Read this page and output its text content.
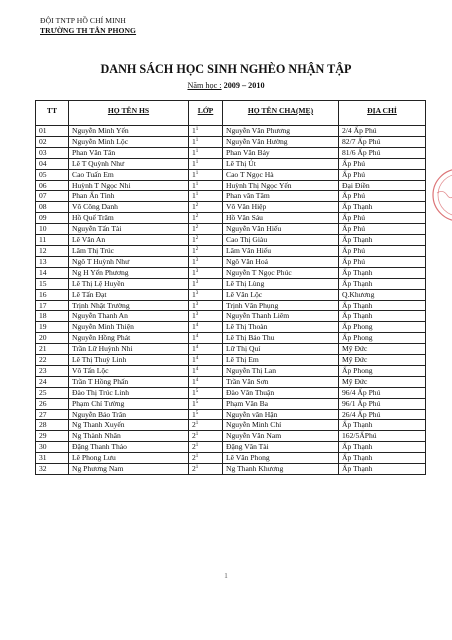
ĐỘI TNTP HỒ CHÍ MINH
TRƯỜNG TH TÂN PHONG
DANH SÁCH HỌC SINH NGHÈO NHẬN TẬP
Năm học : 2009 – 2010
TT	HỌ TÊN HS	LỚP	HỌ TÊN CHA(MẸ)	ĐỊA CHỈ
01	Nguyễn Minh Yến	$1^1$	Nguyễn Văn Phương	2/4 Ấp Phú
02	Nguyễn Minh Lộc	$1^1$	Nguyễn Văn Hường	82/7 Ấp Phú
03	Phan Văn Tân	$1^1$	Phan Văn Bảy	81/6 Ấp Phú
04	Lê T Quỳnh Như	$1^1$	Lê Thị Út	Ấp Phú
05	Cao Tuấn Em	$1^1$	Cao T Ngọc Hà	Ấp Phú
06	Huỳnh T Ngọc Nhi	$1^1$	Huỳnh Thị Ngọc Yến	Đại Điền
07	Phan Ấn Tình	$1^1$	Phan văn Tâm	Ấp Phú
08	Võ Công Danh	$1^2$	Võ Văn Hiệp	Ấp Thạnh
09	Hồ Quế Trâm	$1^2$	Hồ Văn Sáu	Ấp Phú
10	Nguyễn Tấn Tài	$1^2$	Nguyễn Văn Hiếu	Ấp Phú
11	Lê Văn An	$1^2$	Cao Thị Giàu	Ấp Thạnh
12	Lâm Thị Trúc	$1^2$	Lâm Văn Hiếu	Ấp Phú
13	Ngô T Huỳnh Như	$1^3$	Ngô Văn Hoá	Ấp Phú
14	Ng H Yến Phương	$1^3$	Nguyễn T Ngọc Phúc	Ấp Thạnh
15	Lê Thị Lệ Huyền	$1^3$	Lê Thị Lùng	Ấp Thạnh
16	Lê Tấn Đạt	$1^3$	Lê Văn Lộc	Q.Khương
17	Trịnh Nhật Trường	$1^3$	Trịnh Văn Phụng	Ấp Thạnh
18	Nguyễn Thanh An	$1^3$	Nguyễn Thanh Liêm	Ấp Thạnh
19	Nguyễn Minh Thiện	$1^4$	Lê Thị Thoàn	Ấp Phong
20	Nguyễn Hồng Phát	$1^4$	Lê Thị Bảo Thu	Ấp Phong
21	Trần Lữ Huỳnh Nhi	$1^4$	Lữ Thị Quí	Mỹ Đức
22	Lê Thị Thuỳ Linh	$1^4$	Lê Thị Em	Mỹ Đức
23	Võ Tấn Lộc	$1^4$	Nguyễn Thị Lan	Ấp Phong
24	Trần T Hồng Phấn	$1^4$	Trần Văn Sơn	Mỹ Đức
25	Đào Thị Trúc Linh	$1^5$	Đào Văn Thuận	96/4 Ấp Phú
26	Phạm Chí Tường	$1^5$	Phạm Văn Ba	96/1 Ấp Phú
27	Nguyễn Bảo Trân	$1^5$	Nguyễn văn Hận	26/4 Ấp Phú
28	Ng Thanh Xuyến	$2^1$	Nguyễn Minh Chí	Ấp Thạnh
29	Ng Thành Nhân	$2^1$	Nguyễn Văn Nam	162/5ẤPhú
30	Đặng Thanh Thảo	$2^1$	Đặng Văn Tài	Ấp Thạnh
31	Lê Phong Lưu	$2^1$	Lê Văn Phong	Ấp Thạnh
32	Ng Phương Nam	$2^1$	Ng Thanh Khương	Ấp Thạnh
1
